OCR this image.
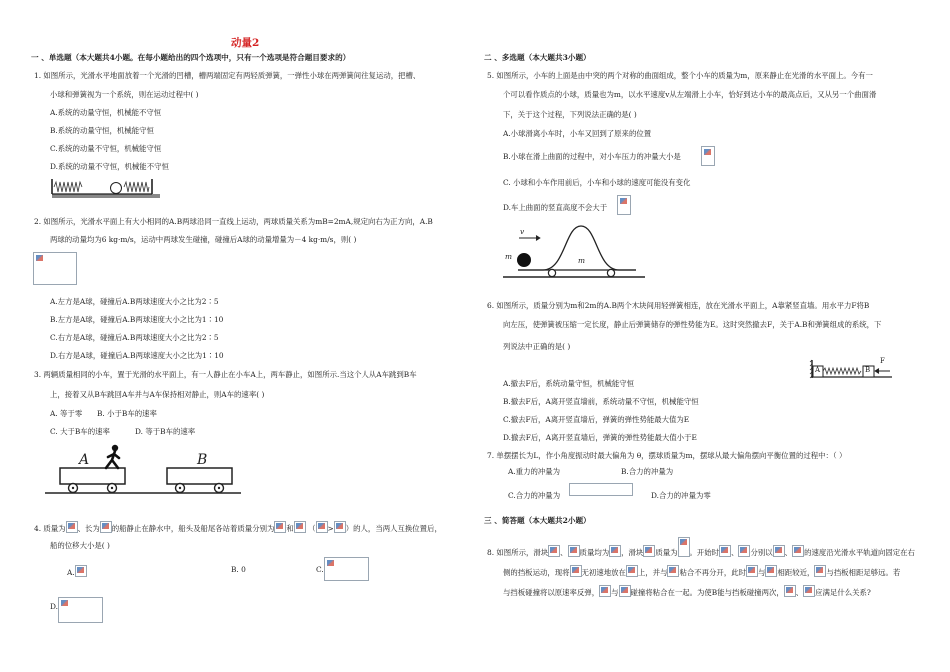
动量2
一 、单选题（本大题共4小题。在每小题给出的四个选项中，只有一个选项是符合题目要求的）
1. 如图所示，光滑水平地面放着一个光滑的凹槽，槽两端固定有两轻质弹簧，一弹性小球在两弹簧间往复运动，把槽、
小球和弹簧视为一个系统，则在运动过程中( )
A.系统的动量守恒，机械能不守恒
B.系统的动量守恒，机械能守恒
C.系统的动量不守恒，机械能守恒
D.系统的动量不守恒，机械能不守恒
2. 如图所示，光滑水平面上有大小相同的A.B两球沿同一直线上运动，两球质量关系为mB=2mA,规定向右为正方向，A.B
两球的动量均为6 kg·m/s，运动中两球发生碰撞，碰撞后A球的动量增量为－4 kg·m/s，则( )
A.左方是A球，碰撞后A.B两球速度大小之比为2∶5
B.左方是A球，碰撞后A.B两球速度大小之比为1∶10
C.右方是A球，碰撞后A.B两球速度大小之比为2∶5
D.右方是A球，碰撞后A.B两球速度大小之比为1∶10
3. 两辆质量相同的小车，置于光滑的水平面上，有一人静止在小车A上，两车静止，如图所示.当这个人从A车跳到B车
上，接着又从B车跳回A车并与A车保持相对静止，则A车的速率( )
A. 等于零 B. 小于B车的速率
C. 大于B车的速率	D. 等于B车的速率
A	B
4. 质量为 、长为 的船静止在静水中，船头及船尾各站着质量分别为 和 （ > ）的人，当两人互换位置后，
船的位移大小是( )
A.	B. 0	C.
D.
二 、多选题（本大题共3小题）
5. 如图所示，小车的上面是由中突的两个对称的曲面组成，整个小车的质量为m，原来静止在光滑的水平面上。今有一
个可以看作质点的小球，质量也为m，以水平速度v从左端滑上小车，恰好到达小车的最高点后，又从另一个曲面滑
下，关于这个过程，下列说法正确的是( )
A.小球滑离小车时，小车又回到了原来的位置
B.小球在滑上曲面的过程中，对小车压力的冲量大小是
C. 小球和小车作用前后，小车和小球的速度可能没有变化
D.车上曲面的竖直高度不会大于
v
m	m
6. 如图所示，质量分别为m和2m的A.B两个木块间用轻弹簧相连，放在光滑水平面上，A靠紧竖直墙。用水平力F将B
向左压，使弹簧被压缩一定长度，静止后弹簧储存的弹性势能为E。这时突然撤去F，关于A.B和弹簧组成的系统，下
列说法中正确的是( )
A	B
F
A.撤去F后，系统动量守恒，机械能守恒
B.撤去F后，A离开竖直墙前，系统动量不守恒，机械能守恒
C.撤去F后，A离开竖直墙后，弹簧的弹性势能最大值为E
D.撤去F后，A离开竖直墙后，弹簧的弹性势能最大值小于E
7. 单摆摆长为L，作小角度振动时最大偏角为 θ，摆球质量为m，摆球从最大偏角摆向平衡位置的过程中：（ ）
A.重力的冲量为	B.合力的冲量为
C.合力的冲量为	D.合力的冲量为零
三 、简答题（本大题共2小题）
8. 如图所示，滑块 、 质量均为 ，滑块 质量为 。开始时 、 分别以 、 的速度沿光滑水平轨道向固定在右
侧的挡板运动，现将 无初速地放在 上，并与 粘合不再分开，此时 与 相距较近， 与挡板相距足够远。若
与挡板碰撞将以原速率反弹， 与 碰撞将粘合在一起。为使B能与挡板碰撞两次， 、 应满足什么关系?
